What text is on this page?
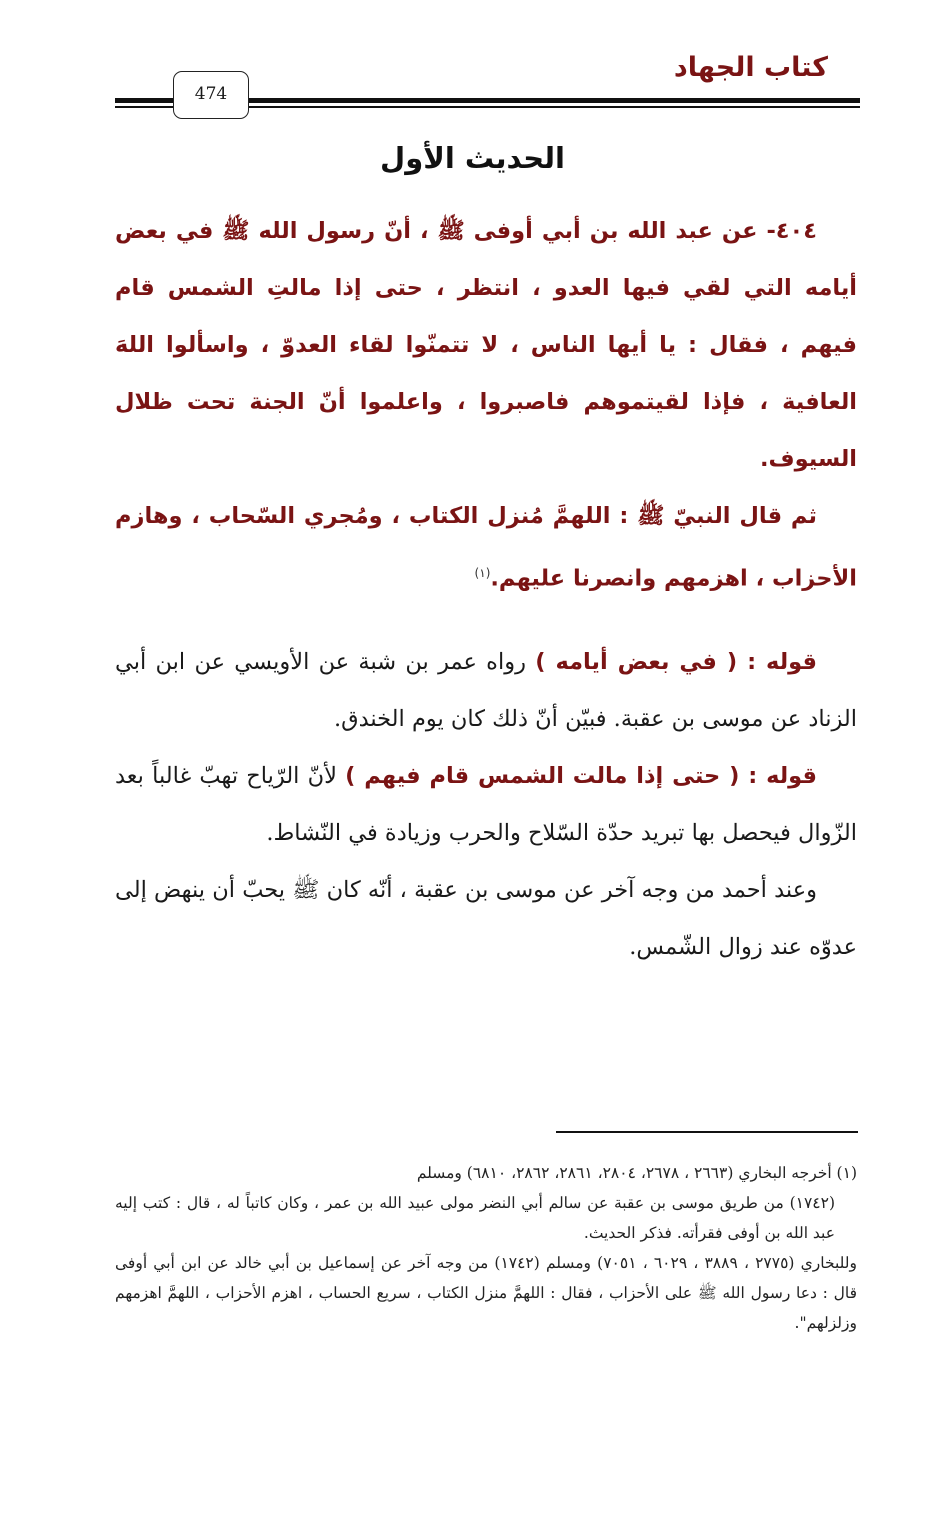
كتاب الجهاد
474
الحديث الأول

٤٠٤- عن عبد الله بن أبي أوفى ﷺ ، أنّ رسول الله ﷺ في بعض أيامه التي لقي فيها العدو ، انتظر ، حتى إذا مالتِ الشمس قام فيهم ، فقال : يا أيها الناس ، لا تتمنّوا لقاء العدوّ ، واسألوا اللهَ العافية ، فإذا لقيتموهم فاصبروا ، واعلموا أنّ الجنة تحت ظلال السيوف.

ثم قال النبيّ ﷺ : اللهمَّ مُنزل الكتاب ، ومُجري السّحاب ، وهازم الأحزاب ، اهزمهم وانصرنا عليهم.$^{(١)}$

قوله : ( في بعض أيامه ) رواه عمر بن شبة عن الأويسي عن ابن أبي الزناد عن موسى بن عقبة. فبيّن أنّ ذلك كان يوم الخندق.

قوله : ( حتى إذا مالت الشمس قام فيهم ) لأنّ الرّياح تهبّ غالباً بعد الزّوال فيحصل بها تبريد حدّة السّلاح والحرب وزيادة في النّشاط.

وعند أحمد من وجه آخر عن موسى بن عقبة ، أنّه كان ﷺ يحبّ أن ينهض إلى عدوّه عند زوال الشّمس.

(١) أخرجه البخاري (٢٦٦٣ ، ٢٦٧٨، ٢٨٠٤، ٢٨٦١، ٢٨٦٢، ٦٨١٠) ومسلم

(١٧٤٢) من طريق موسى بن عقبة عن سالم أبي النضر مولى عبيد الله بن عمر ، وكان كاتباً له ، قال : كتب إليه عبد الله بن أوفى فقرأته. فذكر الحديث.

وللبخاري (٢٧٧٥ ، ٣٨٨٩ ، ٦٠٢٩ ، ٧٠٥١) ومسلم (١٧٤٢) من وجه آخر عن إسماعيل بن أبي خالد عن ابن أبي أوفى قال : دعا رسول الله ﷺ على الأحزاب ، فقال : اللهمَّ منزل الكتاب ، سريع الحساب ، اهزم الأحزاب ، اللهمَّ اهزمهم وزلزلهم".
